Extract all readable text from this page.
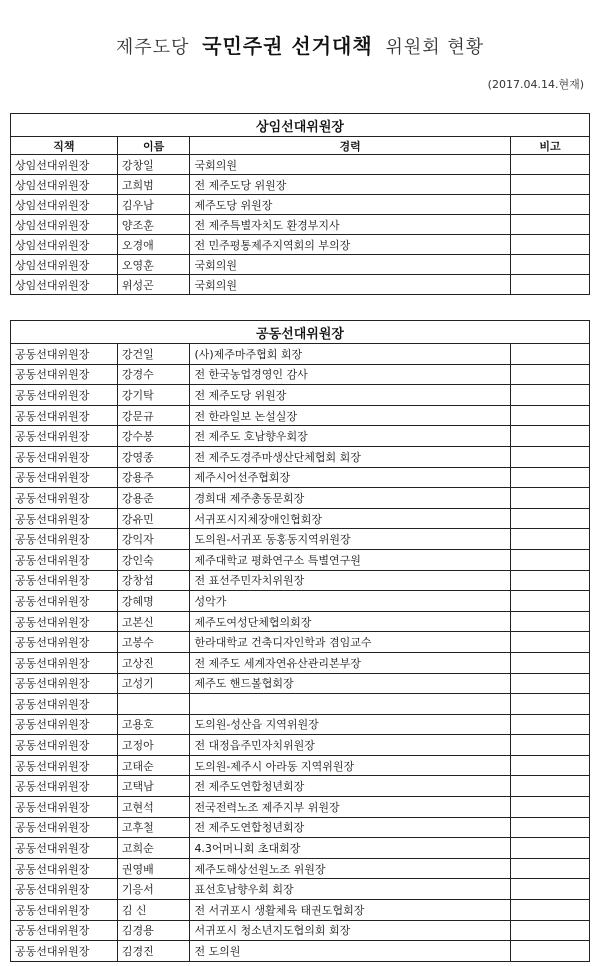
제주도당 국민주권 선거대책 위원회 현황
(2017.04.14.현재)
상임선대위원장			
직책	이름	경력	비고
상임선대위원장	강창일	국회의원	
상임선대위원장	고희범	전 제주도당 위원장	
상임선대위원장	김우남	제주도당 위원장	
상임선대위원장	양조훈	전 제주특별자치도 환경부지사	
상임선대위원장	오경애	전 민주평통제주지역회의 부의장	
상임선대위원장	오영훈	국회의원	
상임선대위원장	위성곤	국회의원	
공동선대위원장			
공동선대위원장	강건일	(사)제주마주협회 회장	
공동선대위원장	강경수	전 한국농업경영인 감사	
공동선대위원장	강기탁	전 제주도당 위원장	
공동선대위원장	강문규	전 한라일보 논설실장	
공동선대위원장	강수봉	전 제주도 호남향우회장	
공동선대위원장	강영종	전 제주도경주마생산단체협회 회장	
공동선대위원장	강용주	제주시어선주협회장	
공동선대위원장	강용준	경희대 제주총동문회장	
공동선대위원장	강유민	서귀포시지체장애인협회장	
공동선대위원장	강익자	도의원-서귀포 동홍동지역위원장	
공동선대위원장	강인숙	제주대학교 평화연구소 특별연구원	
공동선대위원장	강창섭	전 표선주민자치위원장	
공동선대위원장	강혜명	성악가	
공동선대위원장	고본신	제주도여성단체협의회장	
공동선대위원장	고봉수	한라대학교 건축디자인학과 겸임교수	
공동선대위원장	고상진	전 제주도 세계자연유산관리본부장	
공동선대위원장	고성기	제주도 핸드볼협회장	
공동선대위원장			
공동선대위원장	고용호	도의원-성산읍 지역위원장	
공동선대위원장	고정아	전 대정읍주민자치위원장	
공동선대위원장	고태순	도의원-제주시 아라동 지역위원장	
공동선대위원장	고택남	전 제주도연합청년회장	
공동선대위원장	고현석	전국전력노조 제주지부 위원장	
공동선대위원장	고후철	전 제주도연합청년회장	
공동선대위원장	고희순	4.3어머니회 초대회장	
공동선대위원장	권영배	제주도해상선원노조 위원장	
공동선대위원장	기응서	표선호남향우회 회장	
공동선대위원장	김 신	전 서귀포시 생활체육 태권도협회장	
공동선대위원장	김경용	서귀포시 청소년지도협의회 회장	
공동선대위원장	김경진	전 도의원	
